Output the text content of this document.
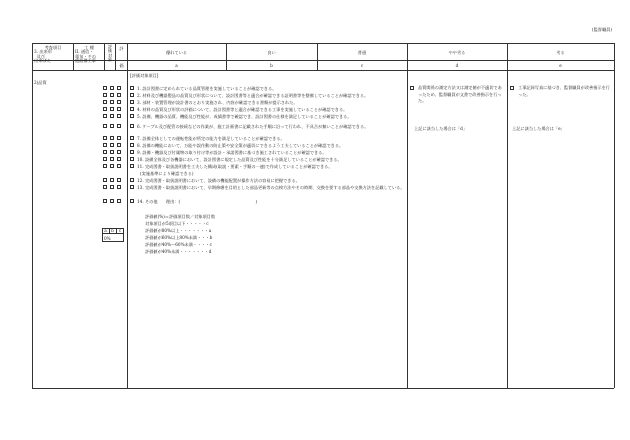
(監督職員)
考査項目
3. 出来形
及び
出来ばえ
工 種
II. 通信・
電気・その
他設備工事
評
価
対
象
評
価
優れている	良い	普通	やや劣る	劣る
a	b	c	d	e
2)品質
[評価対象項目]
1. 設計図書に定められている品質管理を実施していることが確認できる。
2. 材料及び機器製品の品質及び形状について、設計図書等と適合が確認できる証明書等を整備していることが確認できる。
3. 部材・装置管理が設計書のとおり実施され、内容が確認できる書類が提示された。
4. 材料の品質及び形状の評価について、設計図書等と適合が確認できる工事を実施していることが確認できる。
5. 設備、機器の品質、機能及び性能が、成績書等で確認でき、設計図書の仕様を満足していることが確認できる。
6. ケーブル及び配管の接続などの作業が、施工計画書に記載された手順に沿って行われ、不具合が無いことが確認できる。
7. 設備全体としての運転性能が所定の能力を満足していることが確認できる。
8. 設備の機能において、万能や誤作動の防止策や安全策が適切にできるよう工夫していることが確認できる。
9. 設備・機器及び付属物の取り付け等が設計・承諾図書に基づき施工されていることが確認できる。
10. 設備全体及び各機器において、設計図書に規定した品質及び性能を十分満足していることが確認できる。
11. 完成図書・取扱説明書を工夫した構成(取説・要素・手順の一連)で作成していることが確認できる。
(実施基準により確認できる)
12. 完成図書・取扱説明書において、設備の機能配置が操作方法の容易に把握できる。
13. 完成図書・取扱説明書において、早期修繕を目的とした部品更新等の点検方法やその時期、交換を要する部品や交換方法を記載している。
14. その他　　理由：(　　　　　　　　　　　　　　　　　　)
a	b	c
0%
評価値(%)＝評価項目数／対象項目数
対象項目が5項目以下・・・・・c
評価値が80%以上・・・・・・・a
評価値が60%以上80%未満・・・b
評価値が40%～60%未満・・・・c
評価値が40%未満・・・・・・・d
品質関係の測定方法又は測定値が不適切であったため、監督職員が文書で改善指示を行った。
上記に該当した場合は「d」
工事記録写真に基づき、監督職員が改善指示を行った。
上記に該当した場合は「e」
